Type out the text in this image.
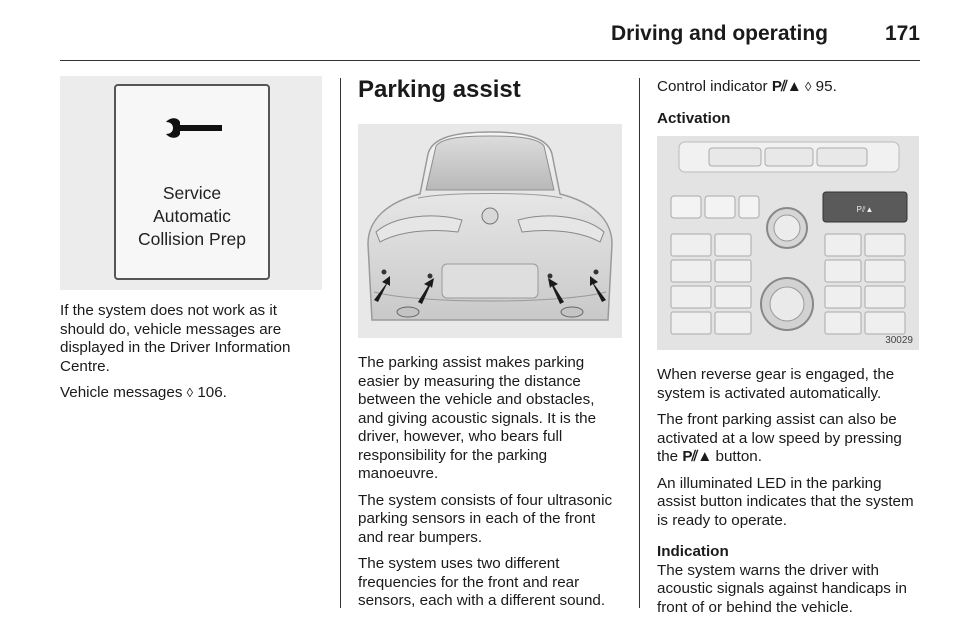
Driving and operating	171
Service
Automatic
Collision Prep

If the system does not work as it should do, vehicle messages are displayed in the Driver Information Centre.

Vehicle messages ◊ 106.

Parking assist

The parking assist makes parking easier by measuring the distance between the vehicle and obstacles, and giving acoustic signals. It is the driver, however, who bears full responsibility for the parking manoeuvre.

The system consists of four ultrasonic parking sensors in each of the front and rear bumpers.

The system uses two different frequencies for the front and rear sensors, each with a different sound.

Control indicator P⫽▲ ◊ 95.

Activation

P⫽▲
30029

When reverse gear is engaged, the system is activated automatically.

The front parking assist can also be activated at a low speed by pressing the P⫽▲ button.

An illuminated LED in the parking assist button indicates that the system is ready to operate.

Indication

The system warns the driver with acoustic signals against handicaps in front of or behind the vehicle.
